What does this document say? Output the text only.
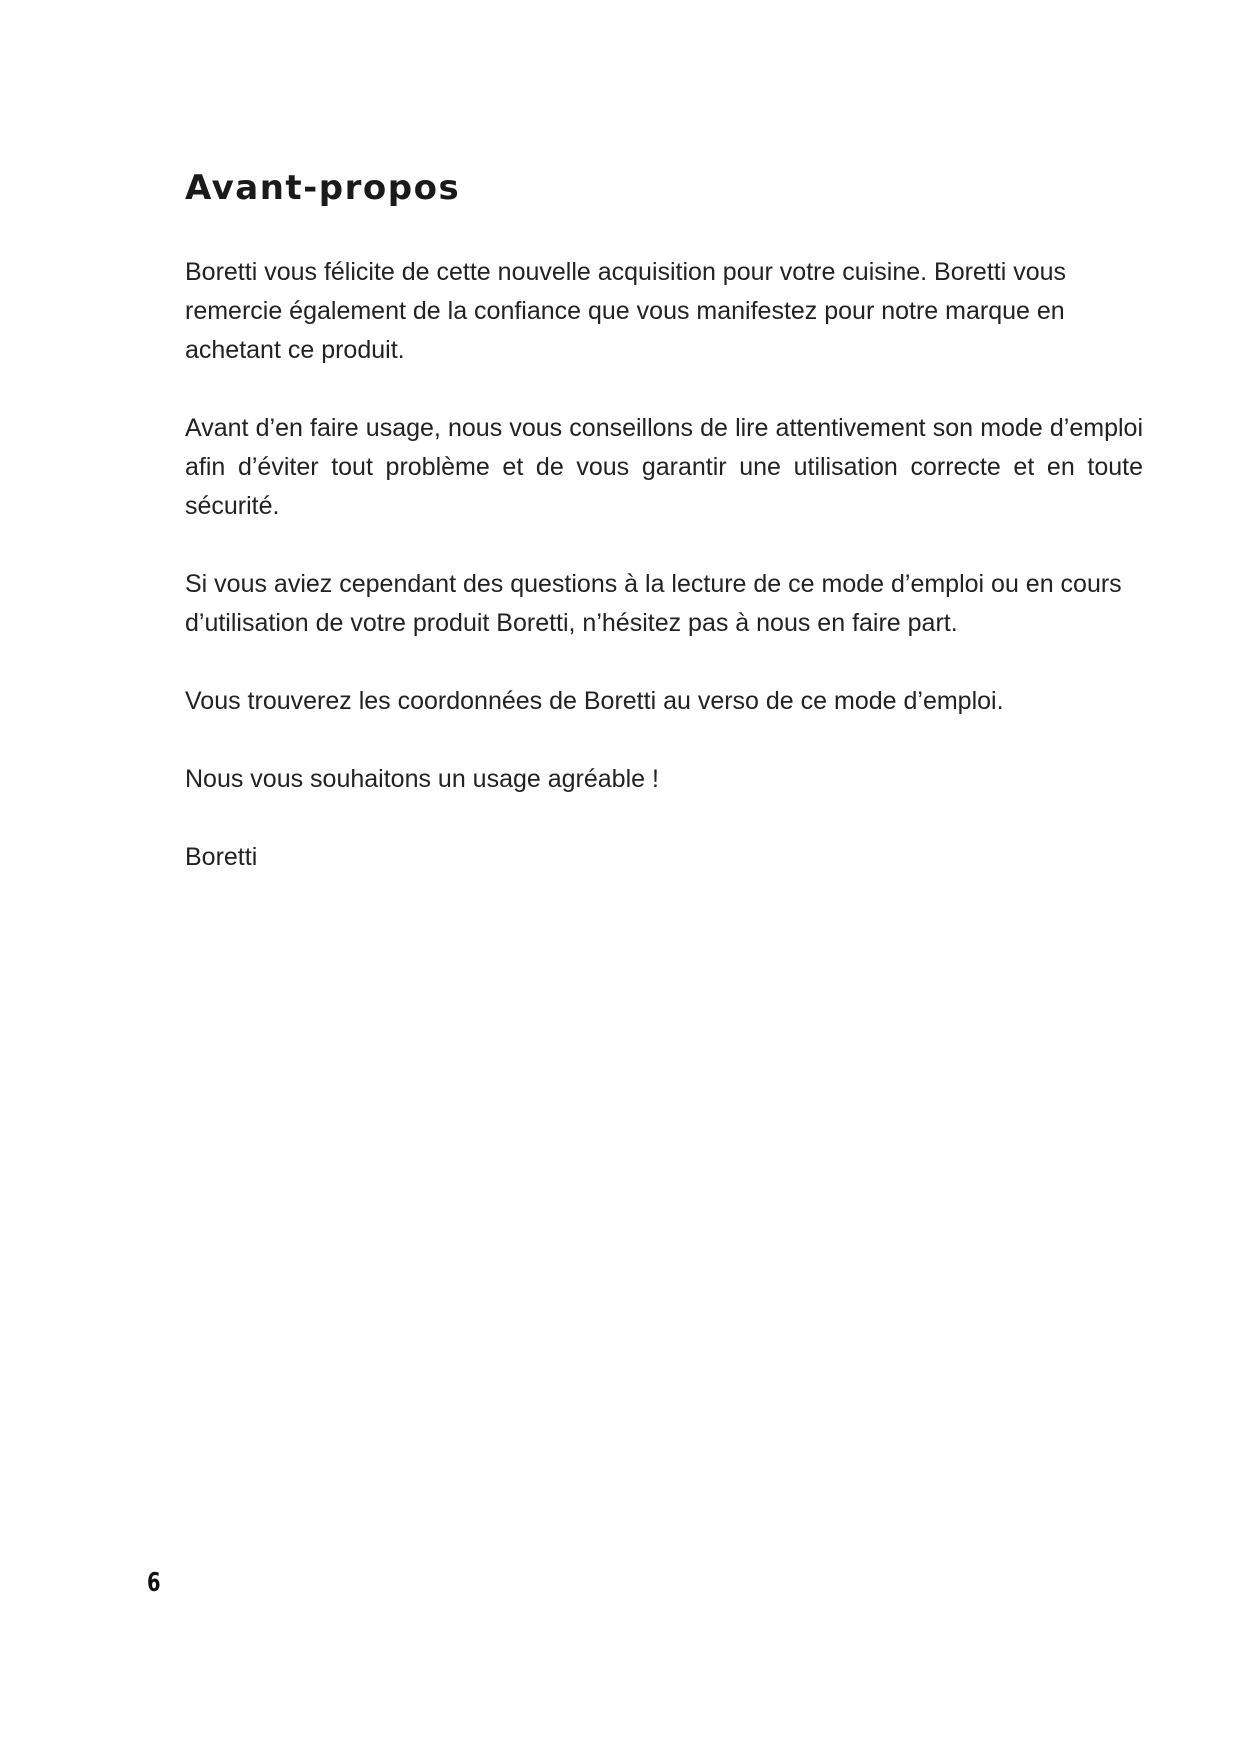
Avant-propos

Boretti vous félicite de cette nouvelle acquisition pour votre cuisine. Boretti vous remercie également de la confiance que vous manifestez pour notre marque en achetant ce produit.

Avant d’en faire usage, nous vous conseillons de lire attentivement son mode d’emploi afin d’éviter tout problème et de vous garantir une utilisation correcte et en toute sécurité.

Si vous aviez cependant des questions à la lecture de ce mode d’emploi ou en cours d’utilisation de votre produit Boretti, n’hésitez pas à nous en faire part.

Vous trouverez les coordonnées de Boretti au verso de ce mode d’emploi.

Nous vous souhaitons un usage agréable !

Boretti

6
